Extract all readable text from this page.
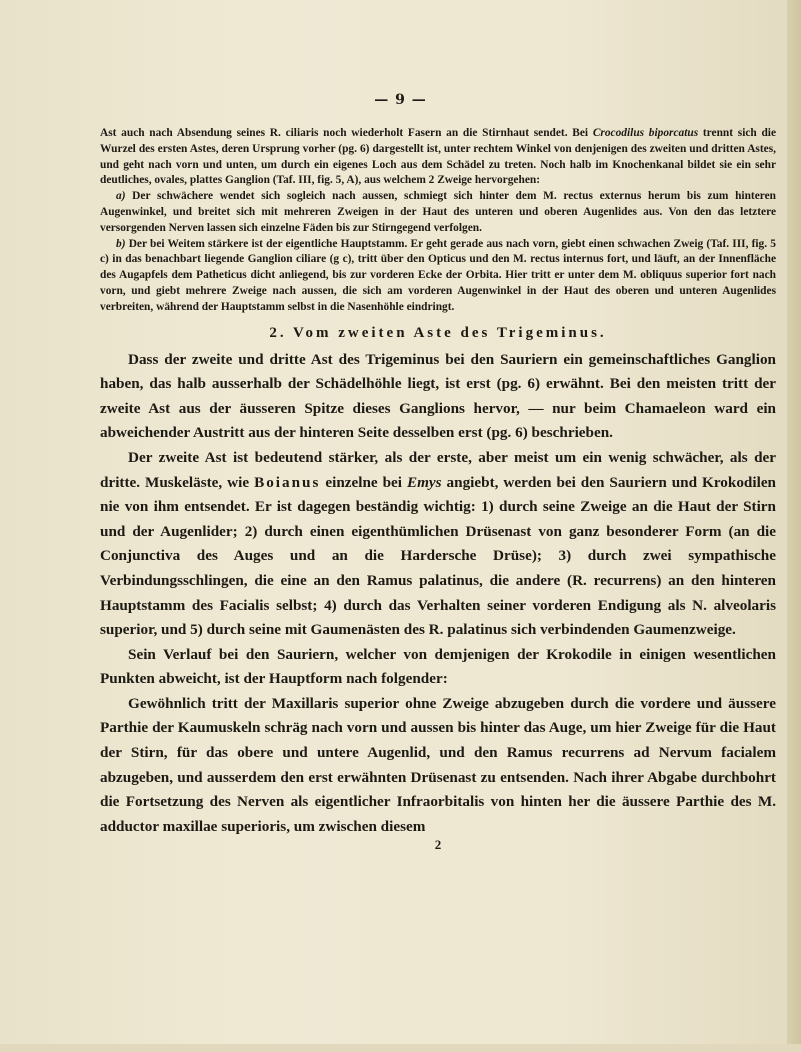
— 9 —

Ast auch nach Absendung seines R. ciliaris noch wiederholt Fasern an die Stirnhaut sendet. Bei Crocodilus biporcatus trennt sich die Wurzel des ersten Astes, deren Ursprung vorher (pg. 6) dargestellt ist, unter rechtem Winkel von denjenigen des zweiten und dritten Astes, und geht nach vorn und unten, um durch ein eigenes Loch aus dem Schädel zu treten. Noch halb im Knochenkanal bildet sie ein sehr deutliches, ovales, plattes Ganglion (Taf. III, fig. 5, A), aus welchem 2 Zweige hervorgehen:

a) Der schwächere wendet sich sogleich nach aussen, schmiegt sich hinter dem M. rectus externus herum bis zum hinteren Augenwinkel, und breitet sich mit mehreren Zweigen in der Haut des unteren und oberen Augenlides aus. Von den das letztere versorgenden Nerven lassen sich einzelne Fäden bis zur Stirngegend verfolgen.

b) Der bei Weitem stärkere ist der eigentliche Hauptstamm. Er geht gerade aus nach vorn, giebt einen schwachen Zweig (Taf. III, fig. 5 c) in das benachbart liegende Ganglion ciliare (g c), tritt über den Opticus und den M. rectus internus fort, und läuft, an der Innenfläche des Augapfels dem Patheticus dicht anliegend, bis zur vorderen Ecke der Orbita. Hier tritt er unter dem M. obliquus superior fort nach vorn, und giebt mehrere Zweige nach aussen, die sich am vorderen Augenwinkel in der Haut des oberen und unteren Augenlides verbreiten, während der Hauptstamm selbst in die Nasenhöhle eindringt.

2. Vom zweiten Aste des Trigeminus.

Dass der zweite und dritte Ast des Trigeminus bei den Sauriern ein gemeinschaftliches Ganglion haben, das halb ausserhalb der Schädelhöhle liegt, ist erst (pg. 6) erwähnt. Bei den meisten tritt der zweite Ast aus der äusseren Spitze dieses Ganglions hervor, — nur beim Chamaeleon ward ein abweichender Austritt aus der hinteren Seite desselben erst (pg. 6) beschrieben.

Der zweite Ast ist bedeutend stärker, als der erste, aber meist um ein wenig schwächer, als der dritte. Muskeläste, wie Boianus einzelne bei Emys angiebt, werden bei den Sauriern und Krokodilen nie von ihm entsendet. Er ist dagegen beständig wichtig: 1) durch seine Zweige an die Haut der Stirn und der Augenlider; 2) durch einen eigenthümlichen Drüsenast von ganz besonderer Form (an die Conjunctiva des Auges und an die Hardersche Drüse); 3) durch zwei sympathische Verbindungsschlingen, die eine an den Ramus palatinus, die andere (R. recurrens) an den hinteren Hauptstamm des Facialis selbst; 4) durch das Verhalten seiner vorderen Endigung als N. alveolaris superior, und 5) durch seine mit Gaumenästen des R. palatinus sich verbindenden Gaumenzweige.

Sein Verlauf bei den Sauriern, welcher von demjenigen der Krokodile in einigen wesentlichen Punkten abweicht, ist der Hauptform nach folgender:

Gewöhnlich tritt der Maxillaris superior ohne Zweige abzugeben durch die vordere und äussere Parthie der Kaumuskeln schräg nach vorn und aussen bis hinter das Auge, um hier Zweige für die Haut der Stirn, für das obere und untere Augenlid, und den Ramus recurrens ad Nervum facialem abzugeben, und ausserdem den erst erwähnten Drüsenast zu entsenden. Nach ihrer Abgabe durchbohrt die Fortsetzung des Nerven als eigentlicher Infraorbitalis von hinten her die äussere Parthie des M. adductor maxillae superioris, um zwischen diesem

2
